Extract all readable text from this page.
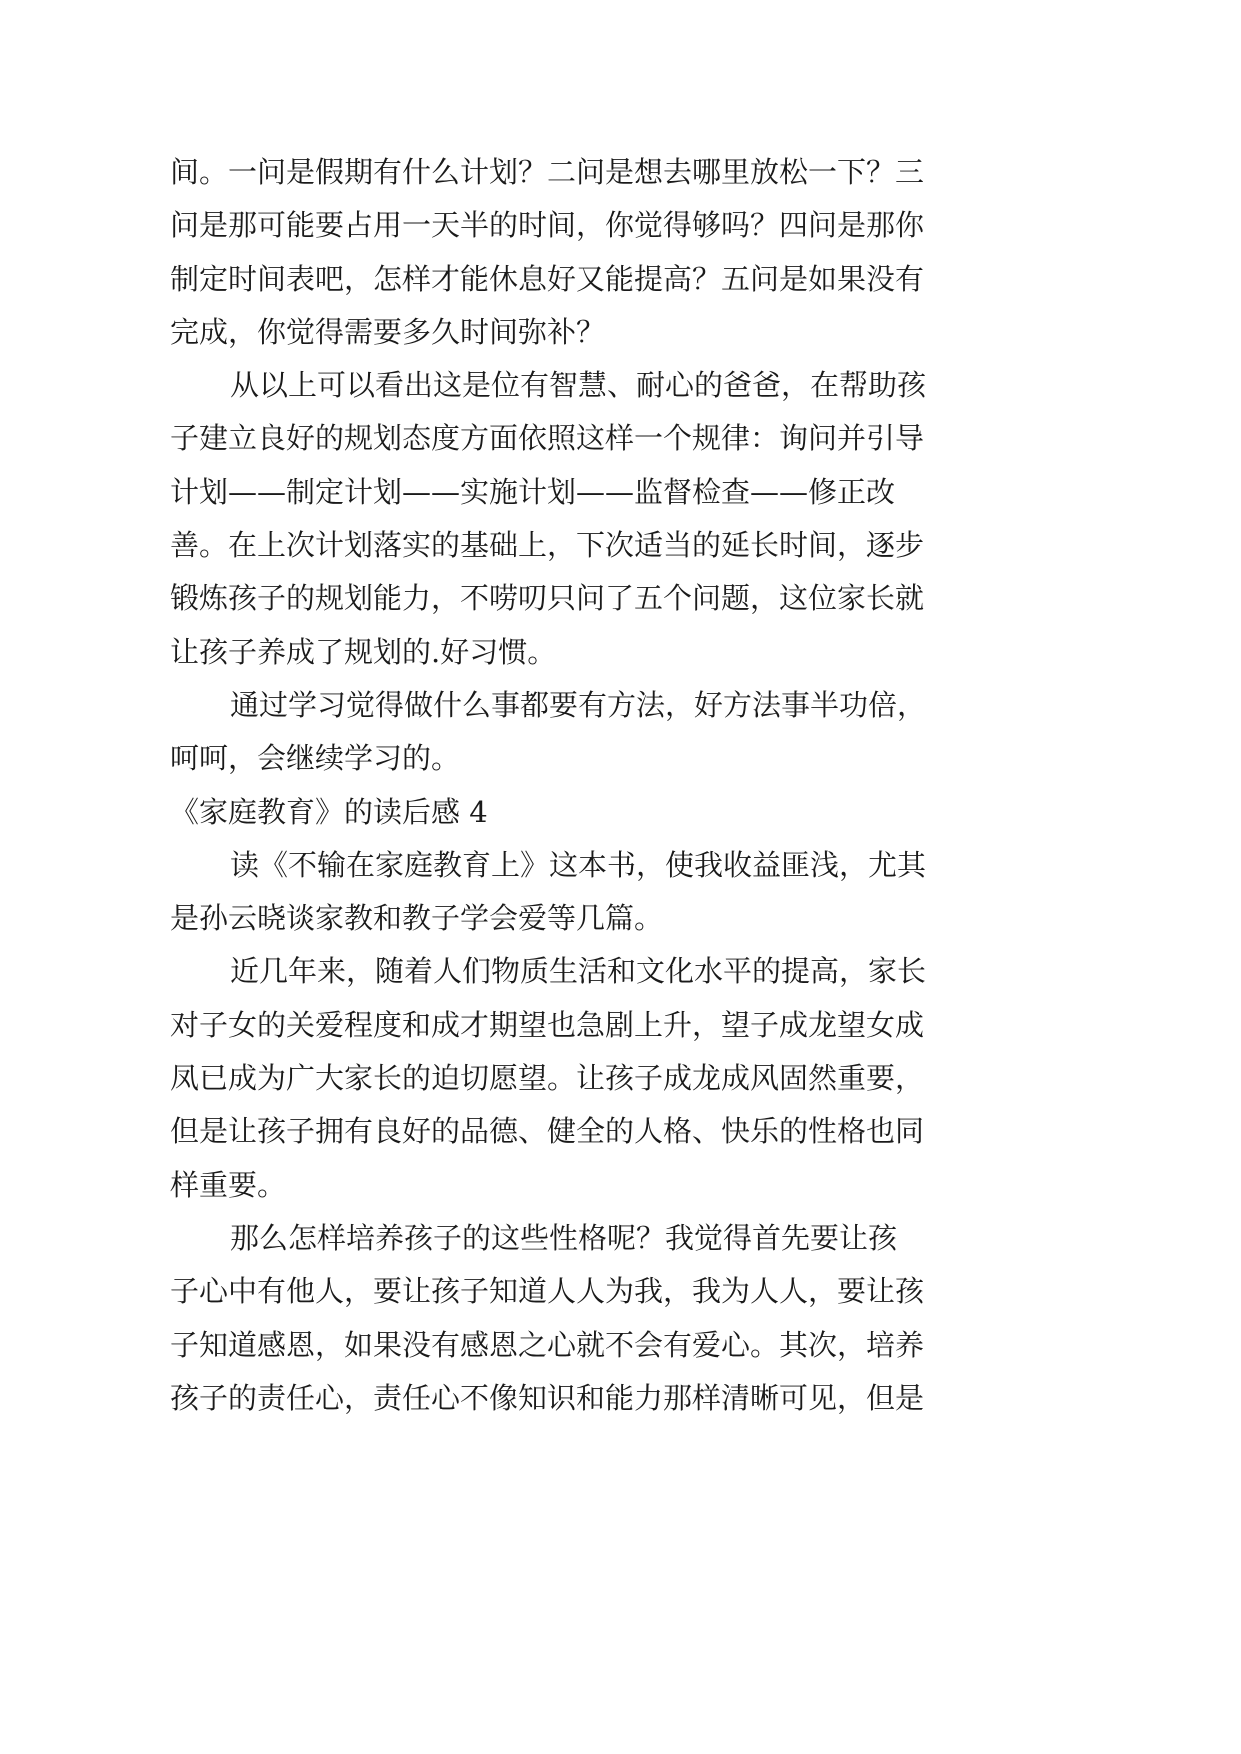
间。一问是假期有什么计划？二问是想去哪里放松一下？三
问是那可能要占用一天半的时间，你觉得够吗？四问是那你
制定时间表吧，怎样才能休息好又能提高？五问是如果没有
完成，你觉得需要多久时间弥补？
从以上可以看出这是位有智慧、耐心的爸爸，在帮助孩
子建立良好的规划态度方面依照这样一个规律：询问并引导
计划——制定计划——实施计划——监督检查——修正改
善。在上次计划落实的基础上，下次适当的延长时间，逐步
锻炼孩子的规划能力，不唠叨只问了五个问题，这位家长就
让孩子养成了规划的.好习惯。
通过学习觉得做什么事都要有方法，好方法事半功倍，
呵呵，会继续学习的。
《家庭教育》的读后感 4
读《不输在家庭教育上》这本书，使我收益匪浅，尤其
是孙云晓谈家教和教子学会爱等几篇。
近几年来，随着人们物质生活和文化水平的提高，家长
对子女的关爱程度和成才期望也急剧上升，望子成龙望女成
凤已成为广大家长的迫切愿望。让孩子成龙成风固然重要，
但是让孩子拥有良好的品德、健全的人格、快乐的性格也同
样重要。
那么怎样培养孩子的这些性格呢？我觉得首先要让孩
子心中有他人，要让孩子知道人人为我，我为人人，要让孩
子知道感恩，如果没有感恩之心就不会有爱心。其次，培养
孩子的责任心，责任心不像知识和能力那样清晰可见，但是
